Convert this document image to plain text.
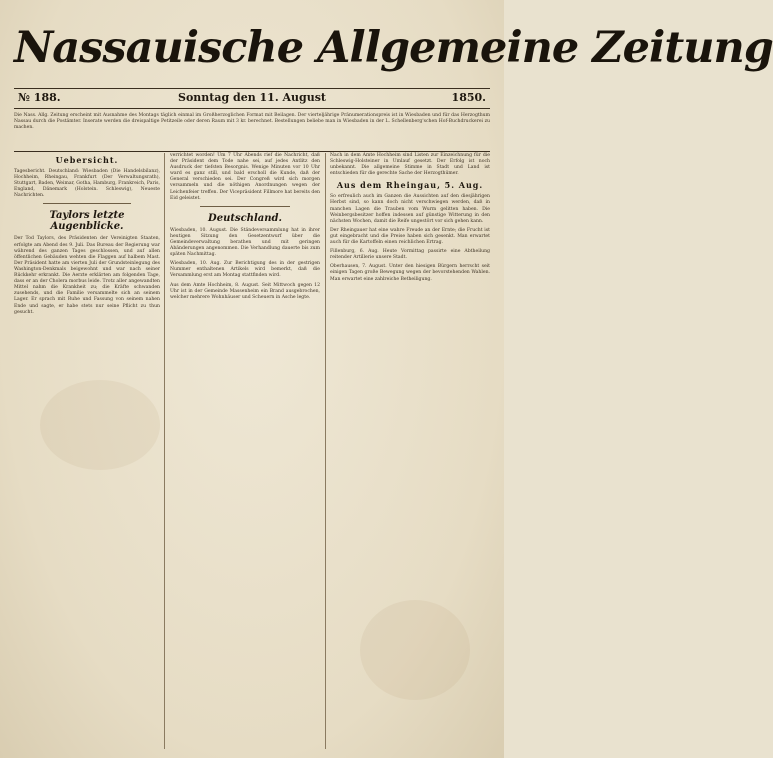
Nassauische Allgemeine Zeitung
№ 188.	Sonntag den 11. August	1850.
Die Nass. Allg. Zeitung erscheint mit Ausnahme des Montags täglich einmal im Großherzoglichen Format mit Beilagen. Der vierteljährige Pränumerationspreis ist in Wiesbaden und für das Herzogthum Nassau durch die Postämter. Inserate werden die dreispaltige Petitzeile oder deren Raum mit 3 kr. berechnet. Bestellungen beliebe man in Wiesbaden in der L. Schellenberg'schen Hof-Buchdruckerei zu machen.
Uebersicht.

Tagesbericht. Deutschland: Wiesbaden (Die Handelsbilanz), Hochheim, Rheingau, Frankfurt (Der Verwaltungsrath), Stuttgart, Baden, Weimar, Gotha, Hamburg, Frankreich, Paris, England, Dänemark (Holstein. Schleswig), Neueste Nachrichten.

Taylors letzte Augenblicke.

Der Tod Taylors, des Präsidenten der Vereinigten Staaten, erfolgte am Abend des 9. Juli. Das Bureau der Regierung war während des ganzen Tages geschlossen, und auf allen öffentlichen Gebäuden wehten die Flaggen auf halbem Mast. Der Präsident hatte am vierten Juli der Grundsteinlegung des Washington-Denkmals beigewohnt und war nach seiner Rückkehr erkrankt. Die Aerzte erklärten am folgenden Tage, dass er an der Cholera morbus leide. Trotz aller angewandten Mittel nahm die Krankheit zu; die Kräfte schwanden zusehends, und die Familie versammelte sich an seinem Lager. Er sprach mit Ruhe und Fassung von seinem nahen Ende und sagte, er habe stets nur seine Pflicht zu thun gesucht.

verrichtet worden! Um 7 Uhr Abends rief die Nachricht, daß der Präsident dem Tode nahe sei, auf jedes Antlitz den Ausdruck der tiefsten Besorgnis. Wenige Minuten vor 10 Uhr ward es ganz still, und bald erscholl die Kunde, daß der General verschieden sei. Der Congreß wird sich morgen versammeln und die nöthigen Anordnungen wegen der Leichenfeier treffen. Der Vicepräsident Fillmore hat bereits den Eid geleistet.

Deutschland.

Wiesbaden, 10. August. Die Ständeversammlung hat in ihrer heutigen Sitzung den Gesetzentwurf über die Gemeindeverwaltung berathen und mit geringen Abänderungen angenommen. Die Verhandlung dauerte bis zum späten Nachmittag.

Wiesbaden, 10. Aug. Zur Berichtigung des in der gestrigen Nummer enthaltenen Artikels wird bemerkt, daß die Versammlung erst am Montag stattfinden wird.

Aus dem Amte Hochheim, 8. August. Seit Mittwoch gegen 12 Uhr ist in der Gemeinde Massenheim ein Brand ausgebrochen, welcher mehrere Wohnhäuser und Scheuern in Asche legte.

Nach in dem Amte Hochheim sind Listen zur Einzeichnung für die Schleswig-Holsteiner in Umlauf gesetzt. Der Erfolg ist noch unbekannt. Die allgemeine Stimme in Stadt und Land ist entschieden für die gerechte Sache der Herzogthümer.

Aus dem Rheingau, 5. Aug.

So erfreulich auch im Ganzen die Aussichten auf den diesjährigen Herbst sind, so kann doch nicht verschwiegen werden, daß in manchen Lagen die Trauben vom Wurm gelitten haben. Die Weinbergsbesitzer hoffen indessen auf günstige Witterung in den nächsten Wochen, damit die Reife ungestört vor sich gehen kann.

Der Rheingauer hat eine wahre Freude an der Ernte; die Frucht ist gut eingebracht und die Preise haben sich gesenkt. Man erwartet auch für die Kartoffeln einen reichlichen Ertrag.

Fillenburg, 6. Aug. Heute Vormittag passirte eine Abtheilung reitender Artillerie unsere Stadt.

Oberhausen, 7. August. Unter den hiesigen Bürgern herrscht seit einigen Tagen große Bewegung wegen der bevorstehenden Wahlen. Man erwartet eine zahlreiche Betheiligung.
